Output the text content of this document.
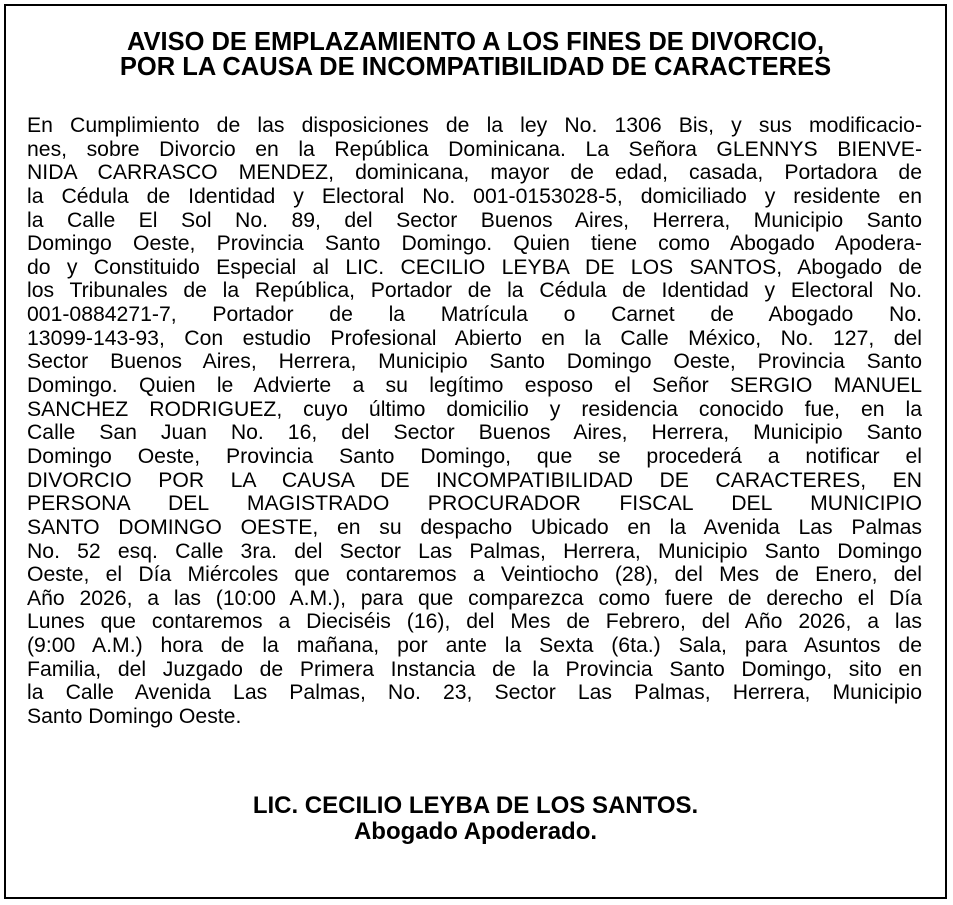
AVISO DE EMPLAZAMIENTO A LOS FINES DE DIVORCIO,
POR LA CAUSA DE INCOMPATIBILIDAD DE CARACTERES
En Cumplimiento de las disposiciones de la ley No. 1306 Bis, y sus modificacio-
nes, sobre Divorcio en la República Dominicana. La Señora GLENNYS BIENVE-
NIDA CARRASCO MENDEZ, dominicana, mayor de edad, casada, Portadora de
la Cédula de Identidad y Electoral No. 001-0153028-5, domiciliado y residente en
la Calle El Sol No. 89, del Sector Buenos Aires, Herrera, Municipio Santo
Domingo Oeste, Provincia Santo Domingo. Quien tiene como Abogado Apodera-
do y Constituido Especial al LIC. CECILIO LEYBA DE LOS SANTOS, Abogado de
los Tribunales de la República, Portador de la Cédula de Identidad y Electoral No.
001-0884271-7, Portador de la Matrícula o Carnet de Abogado No.
13099-143-93, Con estudio Profesional Abierto en la Calle México, No. 127, del
Sector Buenos Aires, Herrera, Municipio Santo Domingo Oeste, Provincia Santo
Domingo. Quien le Advierte a su legítimo esposo el Señor SERGIO MANUEL
SANCHEZ RODRIGUEZ, cuyo último domicilio y residencia conocido fue, en la
Calle San Juan No. 16, del Sector Buenos Aires, Herrera, Municipio Santo
Domingo Oeste, Provincia Santo Domingo, que se procederá a notificar el
DIVORCIO POR LA CAUSA DE INCOMPATIBILIDAD DE CARACTERES, EN
PERSONA DEL MAGISTRADO PROCURADOR FISCAL DEL MUNICIPIO
SANTO DOMINGO OESTE, en su despacho Ubicado en la Avenida Las Palmas
No. 52 esq. Calle 3ra. del Sector Las Palmas, Herrera, Municipio Santo Domingo
Oeste, el Día Miércoles que contaremos a Veintiocho (28), del Mes de Enero, del
Año 2026, a las (10:00 A.M.), para que comparezca como fuere de derecho el Día
Lunes que contaremos a Dieciséis (16), del Mes de Febrero, del Año 2026, a las
(9:00 A.M.) hora de la mañana, por ante la Sexta (6ta.) Sala, para Asuntos de
Familia, del Juzgado de Primera Instancia de la Provincia Santo Domingo, sito en
la Calle Avenida Las Palmas, No. 23, Sector Las Palmas, Herrera, Municipio
Santo Domingo Oeste.
LIC. CECILIO LEYBA DE LOS SANTOS.
Abogado Apoderado.
